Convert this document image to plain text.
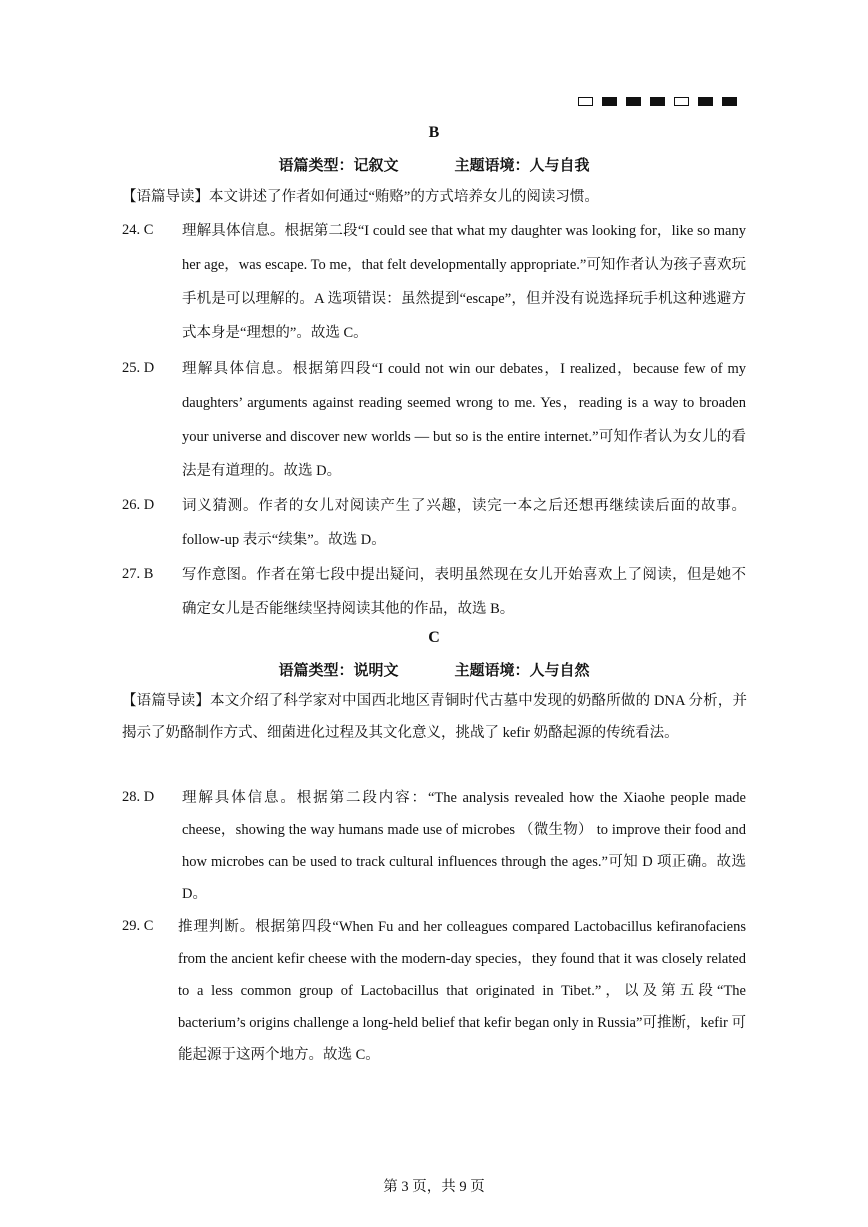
B
语篇类型：记叙文	主题语境：人与自我
【语篇导读】本文讲述了作者如何通过“贿赂”的方式培养女儿的阅读习惯。
24. C 理解具体信息。根据第二段“I could see that what my daughter was looking for，like so many her age，was escape. To me，that felt developmentally appropriate.”可知作者认为孩子喜欢玩手机是可以理解的。A 选项错误：虽然提到“escape”，但并没有说选择玩手机这种逃避方式本身是“理想的”。故选 C。
25. D 理解具体信息。根据第四段“I could not win our debates，I realized，because few of my daughters’ arguments against reading seemed wrong to me. Yes，reading is a way to broaden your universe and discover new worlds — but so is the entire internet.”可知作者认为女儿的看法是有道理的。故选 D。
26. D 词义猜测。作者的女儿对阅读产生了兴趣，读完一本之后还想再继续读后面的故事。follow-up 表示“续集”。故选 D。
27. B 写作意图。作者在第七段中提出疑问，表明虽然现在女儿开始喜欢上了阅读，但是她不确定女儿是否能继续坚持阅读其他的作品，故选 B。
C
语篇类型：说明文	主题语境：人与自然
【语篇导读】本文介绍了科学家对中国西北地区青铜时代古墓中发现的奶酪所做的 DNA 分析，并揭示了奶酪制作方式、细菌进化过程及其文化意义，挑战了 kefir 奶酪起源的传统看法。
28. D 理解具体信息。根据第二段内容：“The analysis revealed how the Xiaohe people made cheese，showing the way humans made use of microbes （微生物） to improve their food and how microbes can be used to track cultural influences through the ages.”可知 D 项正确。故选 D。
29. C 推理判断。根据第四段“When Fu and her colleagues compared Lactobacillus kefiranofaciens from the ancient kefir cheese with the modern-day species，they found that it was closely related to a less common group of Lactobacillus that originated in Tibet.”，以及第五段“The bacterium’s origins challenge a long-held belief that kefir began only in Russia”可推断，kefir 可能起源于这两个地方。故选 C。
第 3 页，共 9 页
